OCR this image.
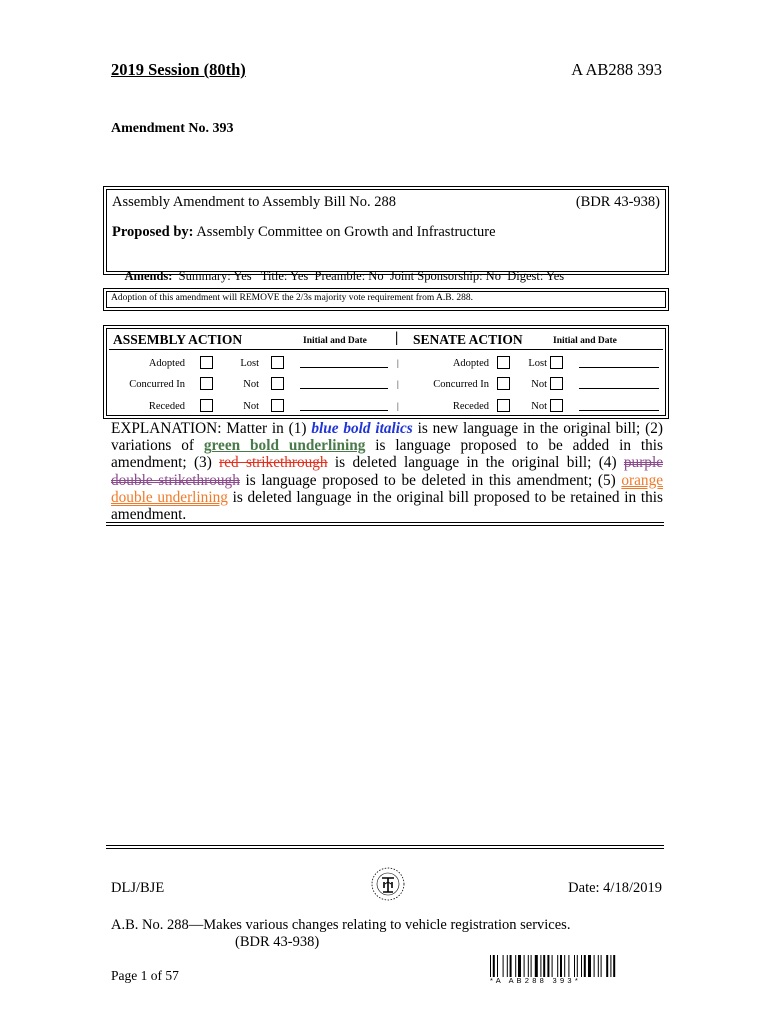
2019 Session (80th)	A AB288 393
Amendment No. 393
Assembly Amendment to Assembly Bill No. 288	(BDR 43-938)
Proposed by: Assembly Committee on Growth and Infrastructure

Amends: Summary: Yes   Title: Yes  Preamble: No  Joint Sponsorship: No  Digest: Yes

Adoption of this amendment will REMOVE the 2/3s majority vote requirement from A.B. 288.
ASSEMBLY ACTION	Initial and Date | SENATE ACTION	Initial and Date
Adopted	Lost	|	Adopted	Lost
Concurred In	Not	|	Concurred In	Not
Receded	Not	|	Receded	Not
EXPLANATION: Matter in (1) blue bold italics is new language in the original bill; (2) variations of green bold underlining is language proposed to be added in this amendment; (3) red strikethrough is deleted language in the original bill; (4) purple double strikethrough is language proposed to be deleted in this amendment; (5) orange double underlining is deleted language in the original bill proposed to be retained in this amendment.
DLJ/BJE	Date: 4/18/2019
A.B. No. 288—Makes various changes relating to vehicle registration services.
(BDR 43-938)
Page 1 of 57	* A   A B 2 8 8   3 9 3 *
